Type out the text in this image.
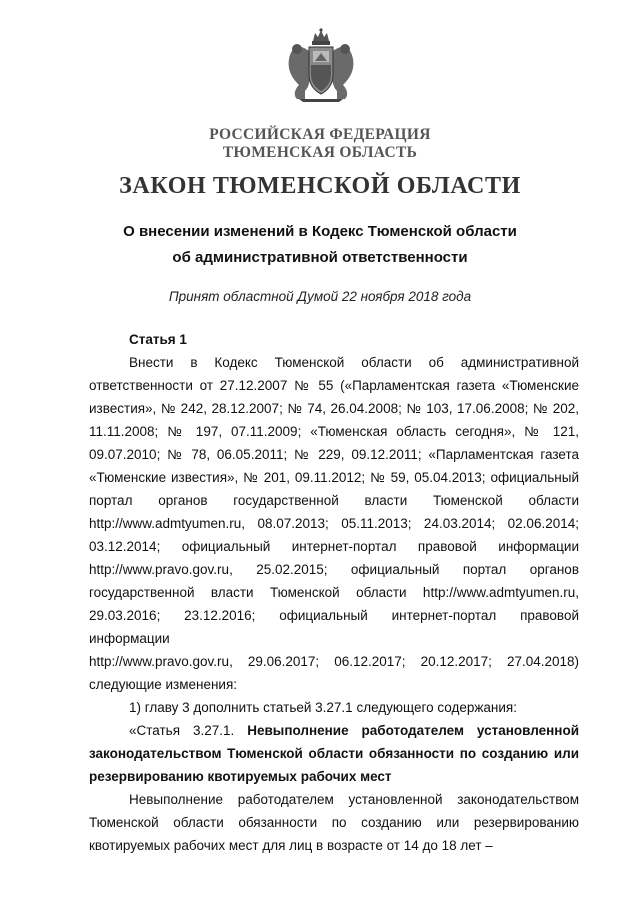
РОССИЙСКАЯ ФЕДЕРАЦИЯ
ТЮМЕНСКАЯ ОБЛАСТЬ
ЗАКОН ТЮМЕНСКОЙ ОБЛАСТИ
О внесении изменений в Кодекс Тюменской области
об административной ответственности
Принят областной Думой 22 ноября 2018 года
Статья 1
Внести в Кодекс Тюменской области об административной
ответственности от 27.12.2007 № 55 («Парламентская газета «Тюменские
известия», № 242, 28.12.2007; № 74, 26.04.2008; № 103, 17.06.2008; № 202,
11.11.2008; № 197, 07.11.2009; «Тюменская область сегодня», № 121,
09.07.2010; № 78, 06.05.2011; № 229, 09.12.2011; «Парламентская газета
«Тюменские известия», № 201, 09.11.2012; № 59, 05.04.2013; официальный
портал органов государственной власти Тюменской области
http://www.admtyumen.ru, 08.07.2013; 05.11.2013; 24.03.2014; 02.06.2014;
03.12.2014; официальный интернет-портал правовой информации
http://www.pravo.gov.ru, 25.02.2015; официальный портал органов
государственной власти Тюменской области http://www.admtyumen.ru,
29.03.2016; 23.12.2016; официальный интернет-портал правовой информации
http://www.pravo.gov.ru, 29.06.2017; 06.12.2017; 20.12.2017; 27.04.2018)
следующие изменения:
1) главу 3 дополнить статьей 3.27.1 следующего содержания:
«Статья 3.27.1. Невыполнение работодателем установленной
законодательством Тюменской области обязанности по созданию или
резервированию квотируемых рабочих мест
Невыполнение работодателем установленной законодательством
Тюменской области обязанности по созданию или резервированию
квотируемых рабочих мест для лиц в возрасте от 14 до 18 лет –
